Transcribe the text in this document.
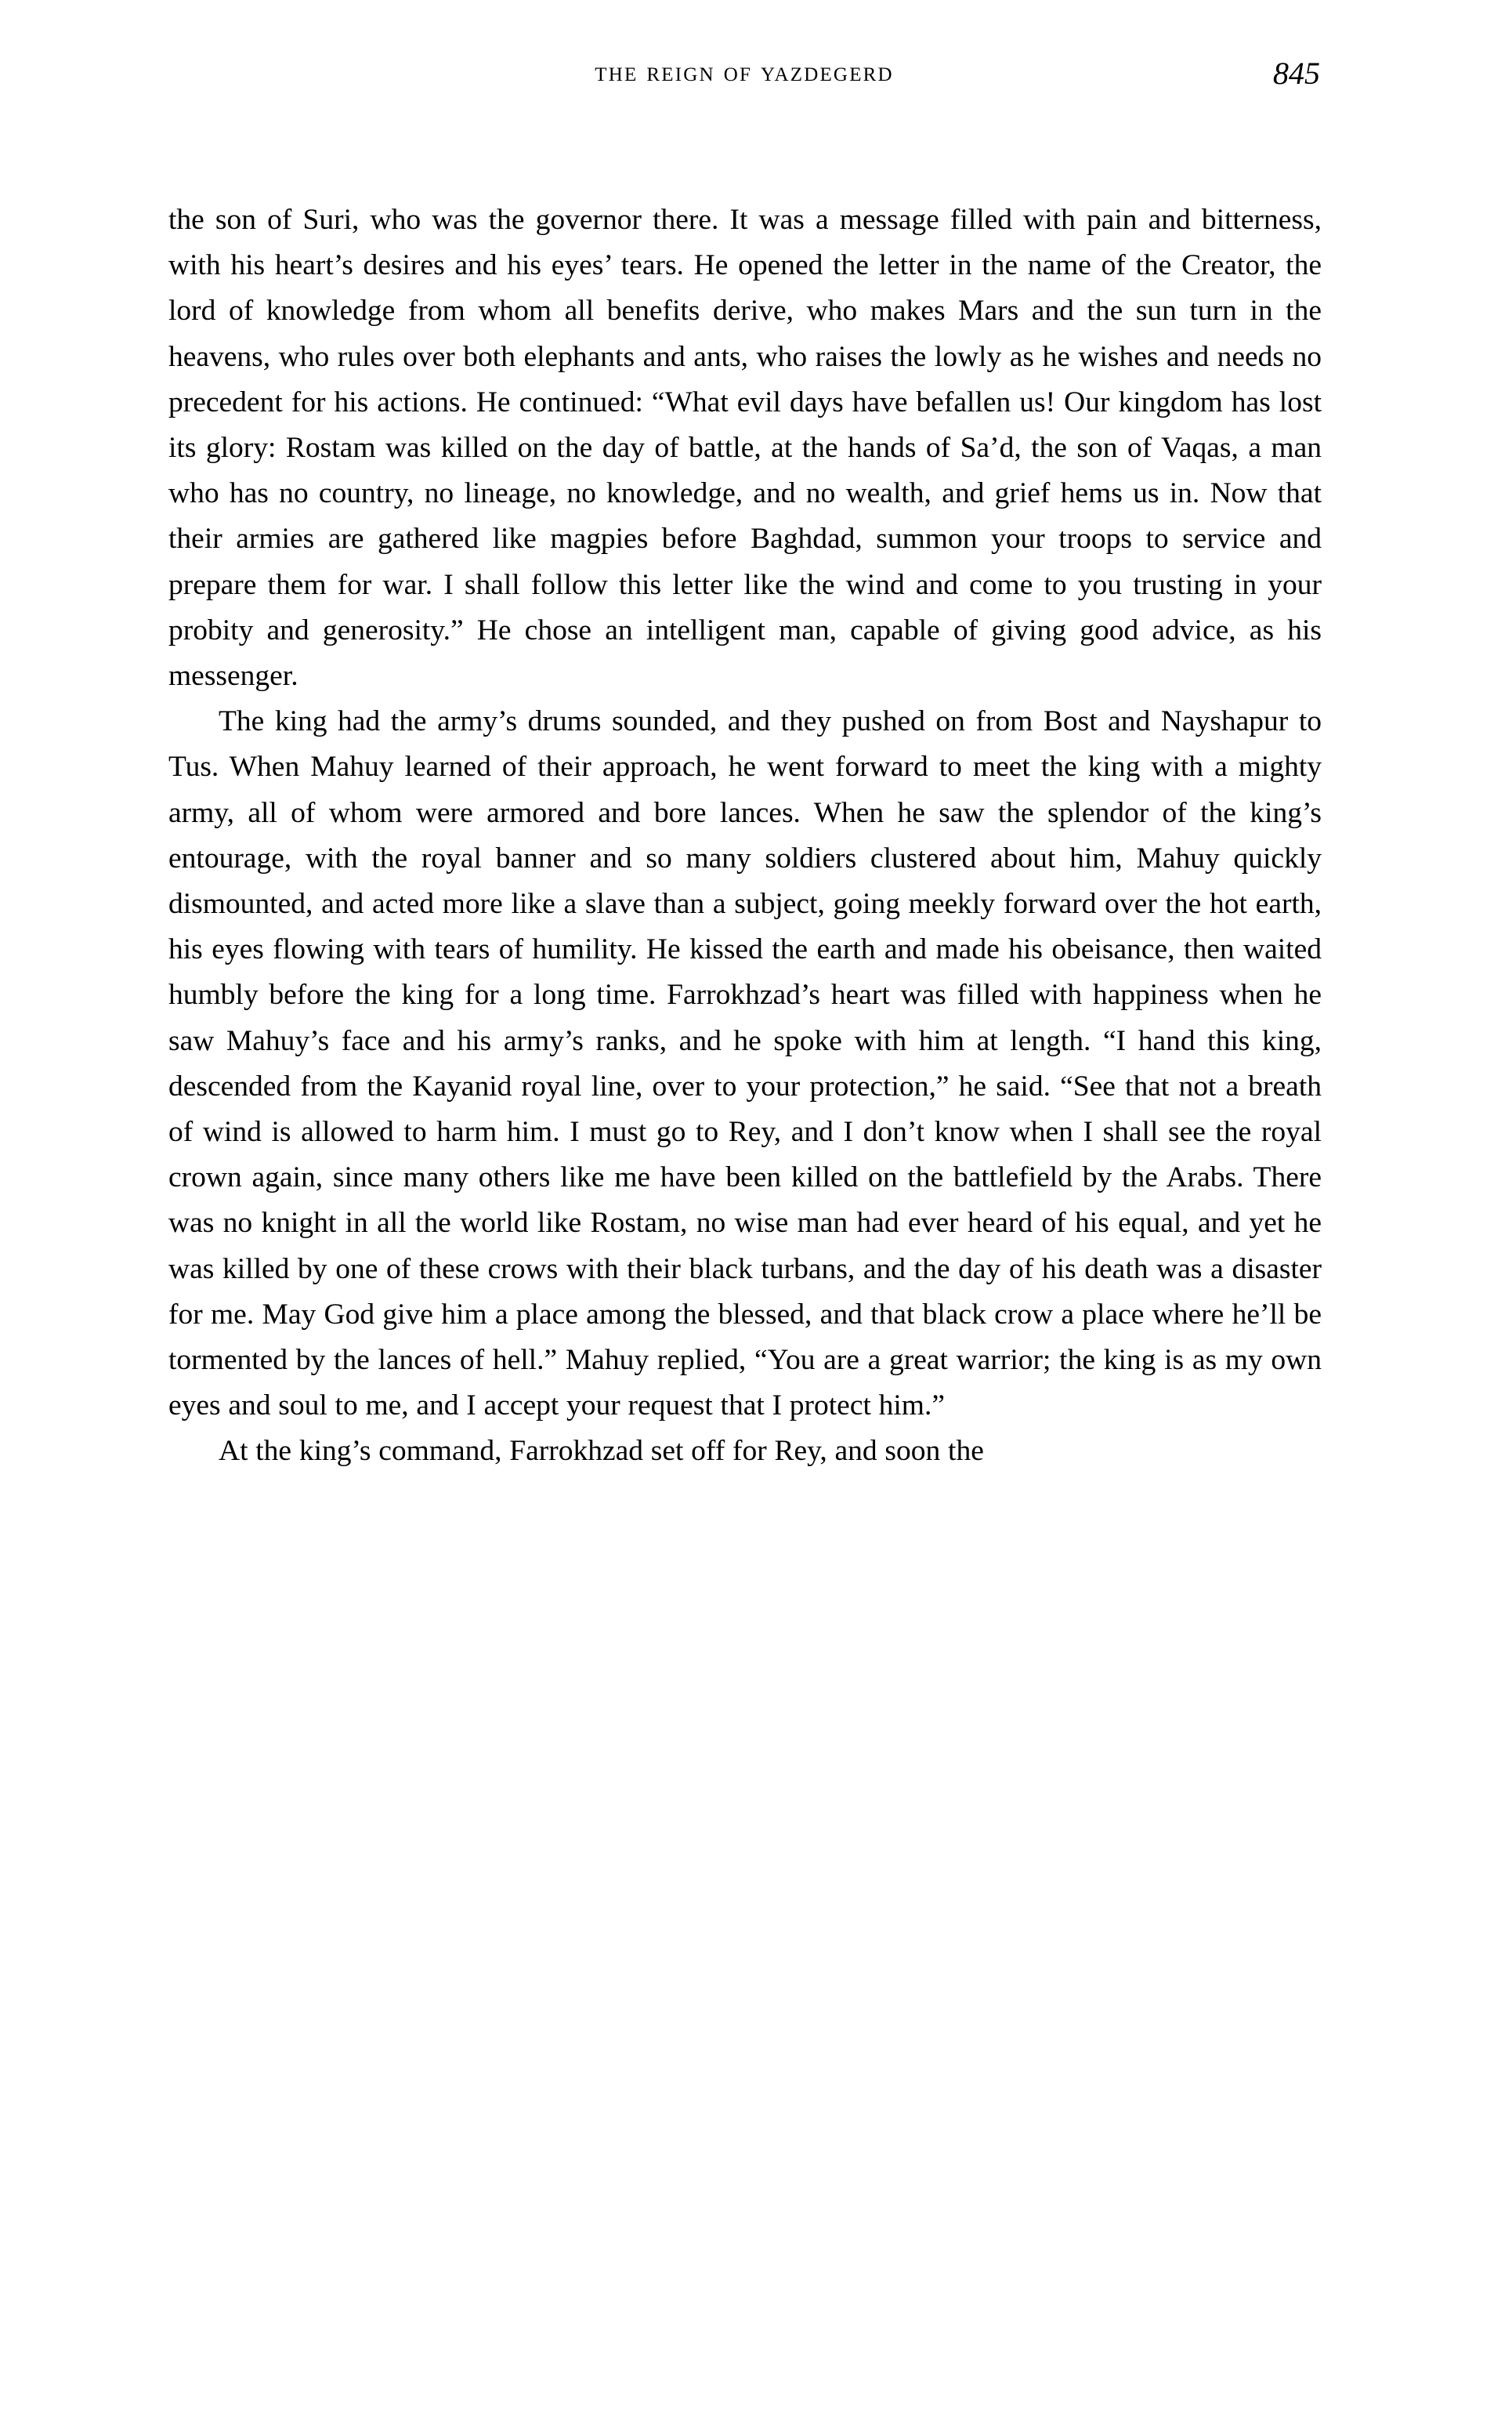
the reign of yazdegerd	845

the son of Suri, who was the governor there. It was a message filled with pain and bitterness, with his heart’s desires and his eyes’ tears. He opened the letter in the name of the Creator, the lord of knowledge from whom all benefits derive, who makes Mars and the sun turn in the heavens, who rules over both elephants and ants, who raises the lowly as he wishes and needs no precedent for his actions. He continued: “What evil days have befallen us! Our kingdom has lost its glory: Rostam was killed on the day of battle, at the hands of Sa’d, the son of Vaqas, a man who has no country, no lineage, no knowledge, and no wealth, and grief hems us in. Now that their armies are gathered like magpies before Baghdad, summon your troops to service and prepare them for war. I shall follow this letter like the wind and come to you trusting in your probity and generosity.” He chose an intelligent man, capable of giving good advice, as his messenger.

The king had the army’s drums sounded, and they pushed on from Bost and Nayshapur to Tus. When Mahuy learned of their approach, he went forward to meet the king with a mighty army, all of whom were armored and bore lances. When he saw the splendor of the king’s entourage, with the royal banner and so many soldiers clustered about him, Mahuy quickly dismounted, and acted more like a slave than a subject, going meekly forward over the hot earth, his eyes flowing with tears of humility. He kissed the earth and made his obeisance, then waited humbly before the king for a long time. Farrokhzad’s heart was filled with happiness when he saw Mahuy’s face and his army’s ranks, and he spoke with him at length. “I hand this king, descended from the Kayanid royal line, over to your protection,” he said. “See that not a breath of wind is allowed to harm him. I must go to Rey, and I don’t know when I shall see the royal crown again, since many others like me have been killed on the battlefield by the Arabs. There was no knight in all the world like Rostam, no wise man had ever heard of his equal, and yet he was killed by one of these crows with their black turbans, and the day of his death was a disaster for me. May God give him a place among the blessed, and that black crow a place where he’ll be tormented by the lances of hell.” Mahuy replied, “You are a great warrior; the king is as my own eyes and soul to me, and I accept your request that I protect him.”

At the king’s command, Farrokhzad set off for Rey, and soon the
